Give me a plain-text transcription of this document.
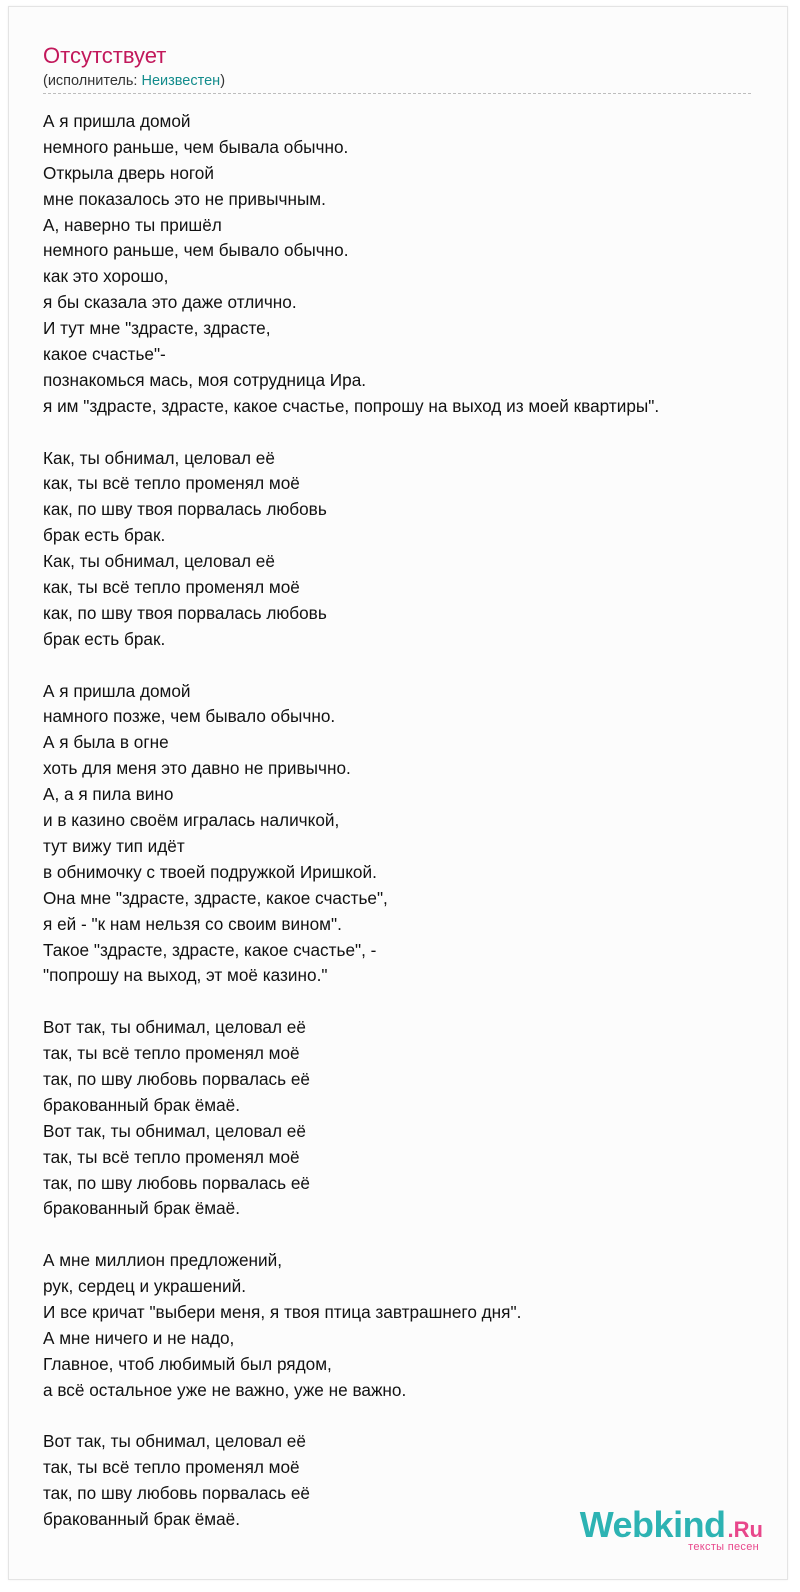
Отсутствует
(исполнитель: Неизвестен)
А я пришла домой
немного раньше, чем бывала обычно.
Открыла дверь ногой
мне показалось это не привычным.
А, наверно ты пришёл
немного раньше, чем бывало обычно.
как это хорошо,
я бы сказала это даже отлично.
И тут мне "здрасте, здрасте,
какое счастье"-
познакомься мась, моя сотрудница Ира.
я им "здрасте, здрасте, какое счастье, попрошу на выход из моей квартиры".
Как, ты обнимал, целовал её
как, ты всё тепло променял моё
как, по шву твоя порвалась любовь
брак есть брак.
Как, ты обнимал, целовал её
как, ты всё тепло променял моё
как, по шву твоя порвалась любовь
брак есть брак.
А я пришла домой
намного позже, чем бывало обычно.
А я была в огне
хоть для меня это давно не привычно.
А, а я пила вино
и в казино своём игралась наличкой,
тут вижу тип идёт
в обнимочку с твоей подружкой Иришкой.
Она мне "здрасте, здрасте, какое счастье",
я ей - "к нам нельзя со своим вином".
Такое "здрасте, здрасте, какое счастье", -
"попрошу на выход, эт моё казино."
Вот так, ты обнимал, целовал её
так, ты всё тепло променял моё
так, по шву любовь порвалась её
бракованный брак ёмаё.
Вот так, ты обнимал, целовал её
так, ты всё тепло променял моё
так, по шву любовь порвалась её
бракованный брак ёмаё.
А мне миллион предложений,
рук, сердец и украшений.
И все кричат "выбери меня, я твоя птица завтрашнего дня".
А мне ничего и не надо,
Главное, чтоб любимый был рядом,
а всё остальное уже не важно, уже не важно.
Вот так, ты обнимал, целовал её
так, ты всё тепло променял моё
так, по шву любовь порвалась её
бракованный брак ёмаё.	Webkind.Ru
тексты песен
